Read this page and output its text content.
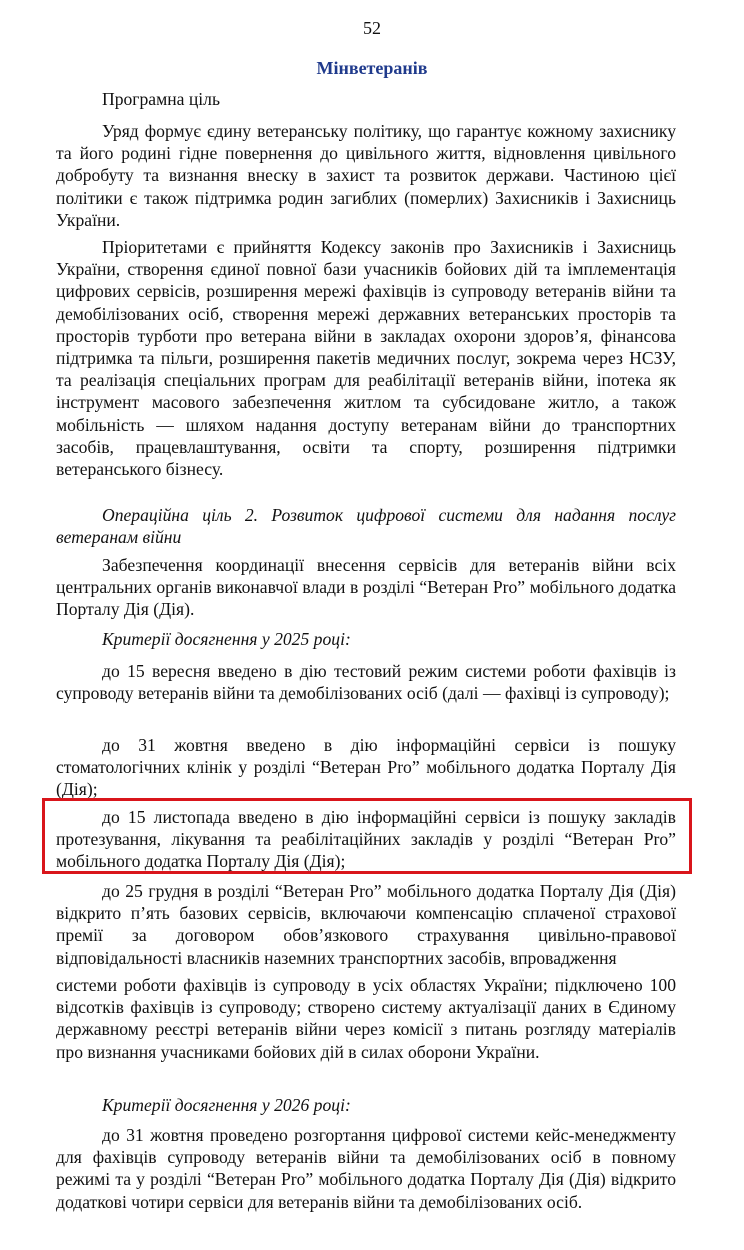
52
Мінветеранів

Програмна ціль

Уряд формує єдину ветеранську політику, що гарантує кожному захиснику та його родині гідне повернення до цивільного життя, відновлення цивільного добробуту та визнання внеску в захист та розвиток держави. Частиною цієї політики є також підтримка родин загиблих (померлих) Захисників і Захисниць України.

Пріоритетами є прийняття Кодексу законів про Захисників і Захисниць України, створення єдиної повної бази учасників бойових дій та імплементація цифрових сервісів, розширення мережі фахівців із супроводу ветеранів війни та демобілізованих осіб, створення мережі державних ветеранських просторів та просторів турботи про ветерана війни в закладах охорони здоров’я, фінансова підтримка та пільги, розширення пакетів медичних послуг, зокрема через НСЗУ, та реалізація спеціальних програм для реабілітації ветеранів війни, іпотека як інструмент масового забезпечення житлом та субсидоване житло, а також мобільність — шляхом надання доступу ветеранам війни до транспортних засобів, працевлаштування, освіти та спорту, розширення підтримки ветеранського бізнесу.

Операційна ціль 2. Розвиток цифрової системи для надання послуг ветеранам війни

Забезпечення координації внесення сервісів для ветеранів війни всіх центральних органів виконавчої влади в розділі “Ветеран Pro” мобільного додатка Порталу Дія (Дія).

Критерії досягнення у 2025 році:

до 15 вересня введено в дію тестовий режим системи роботи фахівців із супроводу ветеранів війни та демобілізованих осіб (далі — фахівці із супроводу);

до 31 жовтня введено в дію інформаційні сервіси із пошуку стоматологічних клінік у розділі “Ветеран Pro” мобільного додатка Порталу Дія (Дія);

до 15 листопада введено в дію інформаційні сервіси із пошуку закладів протезування, лікування та реабілітаційних закладів у розділі “Ветеран Pro” мобільного додатка Порталу Дія (Дія);

до 25 грудня в розділі “Ветеран Pro” мобільного додатка Порталу Дія (Дія) відкрито п’ять базових сервісів, включаючи компенсацію сплаченої страхової премії за договором обов’язкового страхування цивільно-правової відповідальності власників наземних транспортних засобів, впровадження

системи роботи фахівців із супроводу в усіх областях України; підключено 100 відсотків фахівців із супроводу; створено систему актуалізації даних в Єдиному державному реєстрі ветеранів війни через комісії з питань розгляду матеріалів про визнання учасниками бойових дій в силах оборони України.

Критерії досягнення у 2026 році:

до 31 жовтня проведено розгортання цифрової системи кейс-менеджменту для фахівців супроводу ветеранів війни та демобілізованих осіб в повному режимі та у розділі “Ветеран Pro” мобільного додатка Порталу Дія (Дія) відкрито додаткові чотири сервіси для ветеранів війни та демобілізованих осіб.
